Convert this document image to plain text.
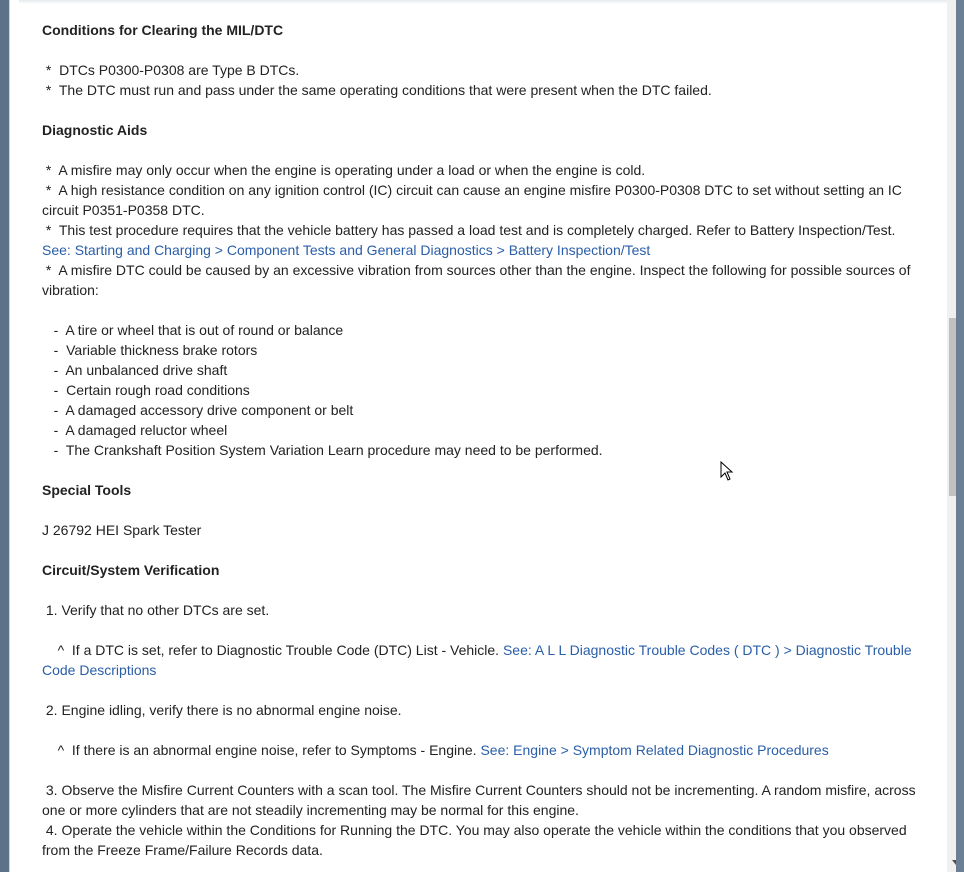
Conditions for Clearing the MIL/DTC

*  DTCs P0300-P0308 are Type B DTCs.

*  The DTC must run and pass under the same operating conditions that were present when the DTC failed.

Diagnostic Aids

*  A misfire may only occur when the engine is operating under a load or when the engine is cold.

*  A high resistance condition on any ignition control (IC) circuit can cause an engine misfire P0300-P0308 DTC to set without setting an IC circuit P0351-P0358 DTC.

*  This test procedure requires that the vehicle battery has passed a load test and is completely charged. Refer to Battery Inspection/Test.

See: Starting and Charging > Component Tests and General Diagnostics > Battery Inspection/Test

*  A misfire DTC could be caused by an excessive vibration from sources other than the engine. Inspect the following for possible sources of vibration:

-  A tire or wheel that is out of round or balance

-  Variable thickness brake rotors

-  An unbalanced drive shaft

-  Certain rough road conditions

-  A damaged accessory drive component or belt

-  A damaged reluctor wheel

-  The Crankshaft Position System Variation Learn procedure may need to be performed.

Special Tools

J 26792 HEI Spark Tester

Circuit/System Verification

1. Verify that no other DTCs are set.

^  If a DTC is set, refer to Diagnostic Trouble Code (DTC) List - Vehicle. See: A L L Diagnostic Trouble Codes ( DTC ) > Diagnostic Trouble Code Descriptions

2. Engine idling, verify there is no abnormal engine noise.

^  If there is an abnormal engine noise, refer to Symptoms - Engine. See: Engine > Symptom Related Diagnostic Procedures

3. Observe the Misfire Current Counters with a scan tool. The Misfire Current Counters should not be incrementing. A random misfire, across one or more cylinders that are not steadily incrementing may be normal for this engine.

4. Operate the vehicle within the Conditions for Running the DTC. You may also operate the vehicle within the conditions that you observed from the Freeze Frame/Failure Records data.
